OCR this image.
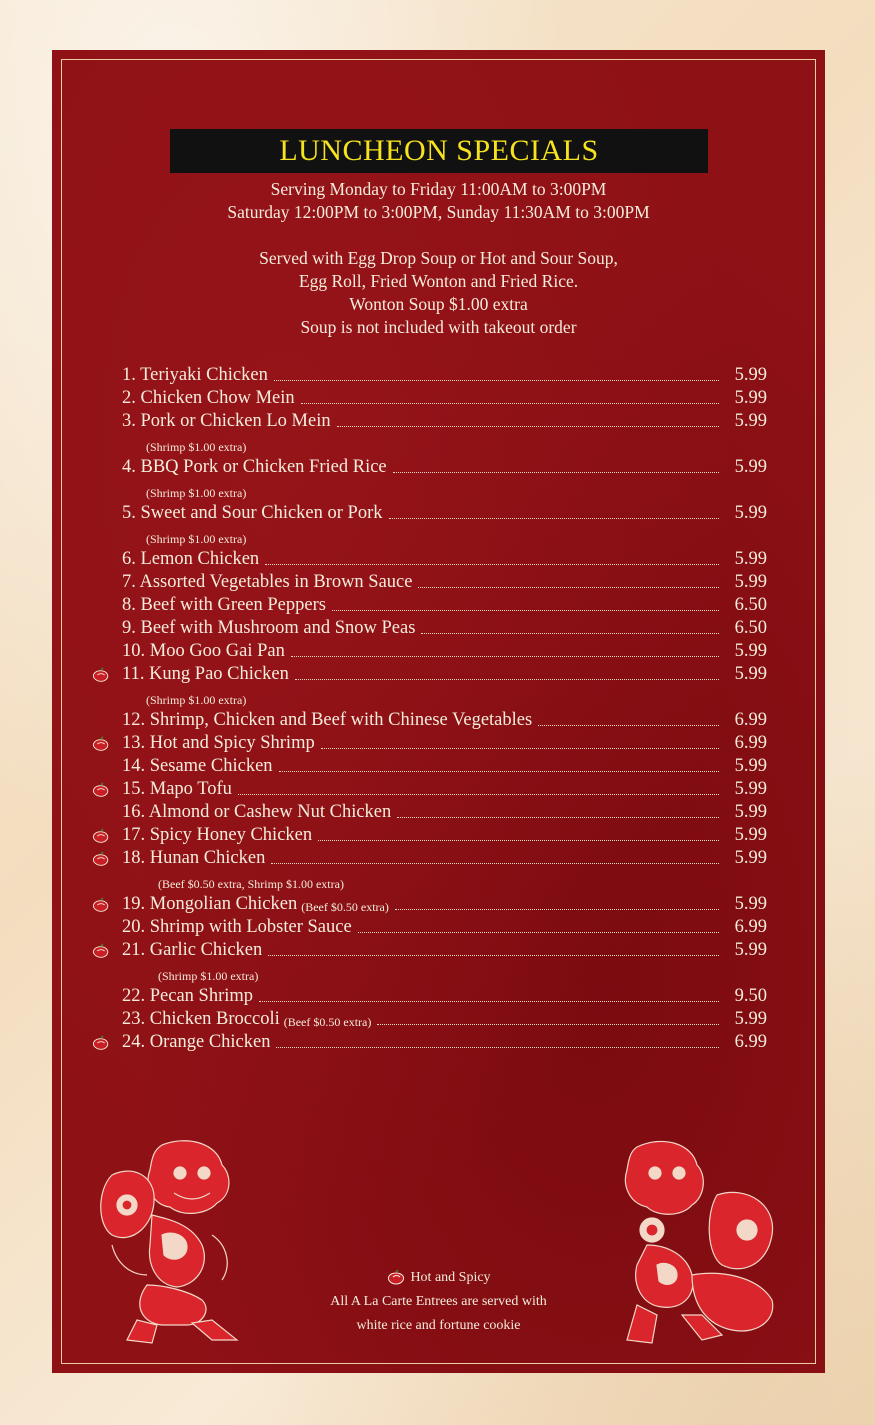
LUNCHEON SPECIALS
Serving Monday to Friday 11:00AM to 3:00PM
Saturday 12:00PM to 3:00PM, Sunday 11:30AM to 3:00PM
Served with Egg Drop Soup or Hot and Sour Soup,
Egg Roll, Fried Wonton and Fried Rice.
Wonton Soup $1.00 extra
Soup is not included with takeout order
1. Teriyaki Chicken	5.99
2. Chicken Chow Mein	5.99
3. Pork or Chicken Lo Mein	5.99
(Shrimp $1.00 extra)
4. BBQ Pork or Chicken Fried Rice	5.99
(Shrimp $1.00 extra)
5. Sweet and Sour Chicken or Pork	5.99
(Shrimp $1.00 extra)
6. Lemon Chicken	5.99
7. Assorted Vegetables in Brown Sauce	5.99
8. Beef with Green Peppers	6.50
9. Beef with Mushroom and Snow Peas	6.50
10. Moo Goo Gai Pan	5.99
11. Kung Pao Chicken	5.99
(Shrimp $1.00 extra)
12. Shrimp, Chicken and Beef with Chinese Vegetables	6.99
13. Hot and Spicy Shrimp	6.99
14. Sesame Chicken	5.99
15. Mapo Tofu	5.99
16. Almond or Cashew Nut Chicken	5.99
17. Spicy Honey Chicken	5.99
18. Hunan Chicken	5.99
(Beef $0.50 extra, Shrimp $1.00 extra)
19. Mongolian Chicken (Beef $0.50 extra)	5.99
20. Shrimp with Lobster Sauce	6.99
21. Garlic Chicken	5.99
(Shrimp $1.00 extra)
22. Pecan Shrimp	9.50
23. Chicken Broccoli (Beef $0.50 extra)	5.99
24. Orange Chicken	6.99
Hot and Spicy
All A La Carte Entrees are served with
white rice and fortune cookie
